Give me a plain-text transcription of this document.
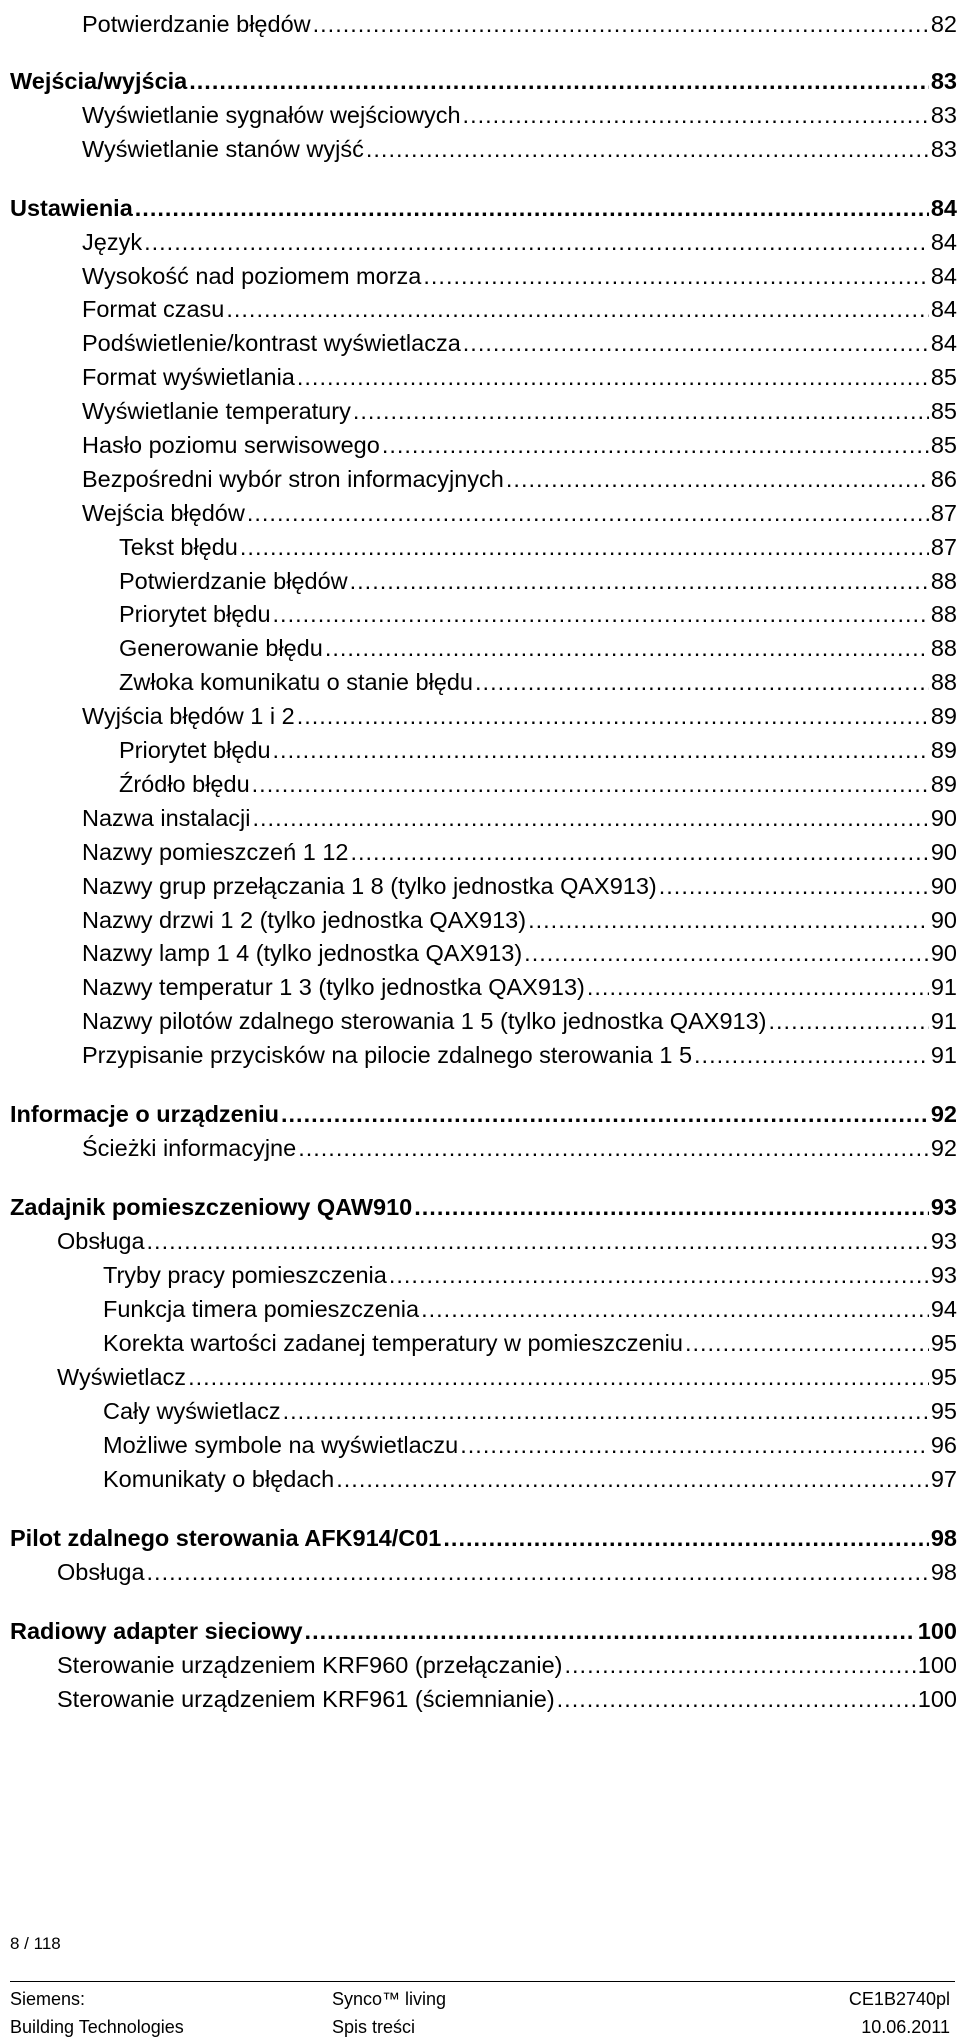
Potwierdzanie błędów .....	82
Wejścia/wyjścia .....	83
Wyświetlanie sygnałów wejściowych .....	83
Wyświetlanie stanów wyjść .....	83
Ustawienia .....	84
Język .....	84
Wysokość nad poziomem morza .....	84
Format czasu .....	84
Podświetlenie/kontrast wyświetlacza .....	84
Format wyświetlania .....	85
Wyświetlanie temperatury .....	85
Hasło poziomu serwisowego .....	85
Bezpośredni wybór stron informacyjnych .....	86
Wejścia błędów .....	87
Tekst błędu .....	87
Potwierdzanie błędów .....	88
Priorytet błędu .....	88
Generowanie błędu .....	88
Zwłoka komunikatu o stanie błędu .....	88
Wyjścia błędów 1 i 2 .....	89
Priorytet błędu .....	89
Źródło błędu .....	89
Nazwa instalacji .....	90
Nazwy pomieszczeń 1 12 .....	90
Nazwy grup przełączania 1 8 (tylko jednostka QAX913) .....	90
Nazwy drzwi 1 2 (tylko jednostka QAX913) .....	90
Nazwy lamp 1 4 (tylko jednostka QAX913) .....	90
Nazwy temperatur 1 3 (tylko jednostka QAX913) .....	91
Nazwy pilotów zdalnego sterowania 1 5 (tylko jednostka QAX913) .....	91
Przypisanie przycisków na pilocie zdalnego sterowania 1 5 .....	91
Informacje o urządzeniu .....	92
Ścieżki informacyjne .....	92
Zadajnik pomieszczeniowy QAW910 .....	93
Obsługa .....	93
Tryby pracy pomieszczenia .....	93
Funkcja timera pomieszczenia .....	94
Korekta wartości zadanej temperatury w pomieszczeniu .....	95
Wyświetlacz .....	95
Cały wyświetlacz .....	95
Możliwe symbole na wyświetlaczu .....	96
Komunikaty o błędach .....	97
Pilot zdalnego sterowania AFK914/C01 .....	98
Obsługa .....	98
Radiowy adapter sieciowy .....	100
Sterowanie urządzeniem KRF960 (przełączanie) .....	100
Sterowanie urządzeniem KRF961 (ściemnianie) .....	100
8 / 118
Siemens:
Building Technologies
Synco™ living
Spis treści
CE1B2740pl
10.06.2011
